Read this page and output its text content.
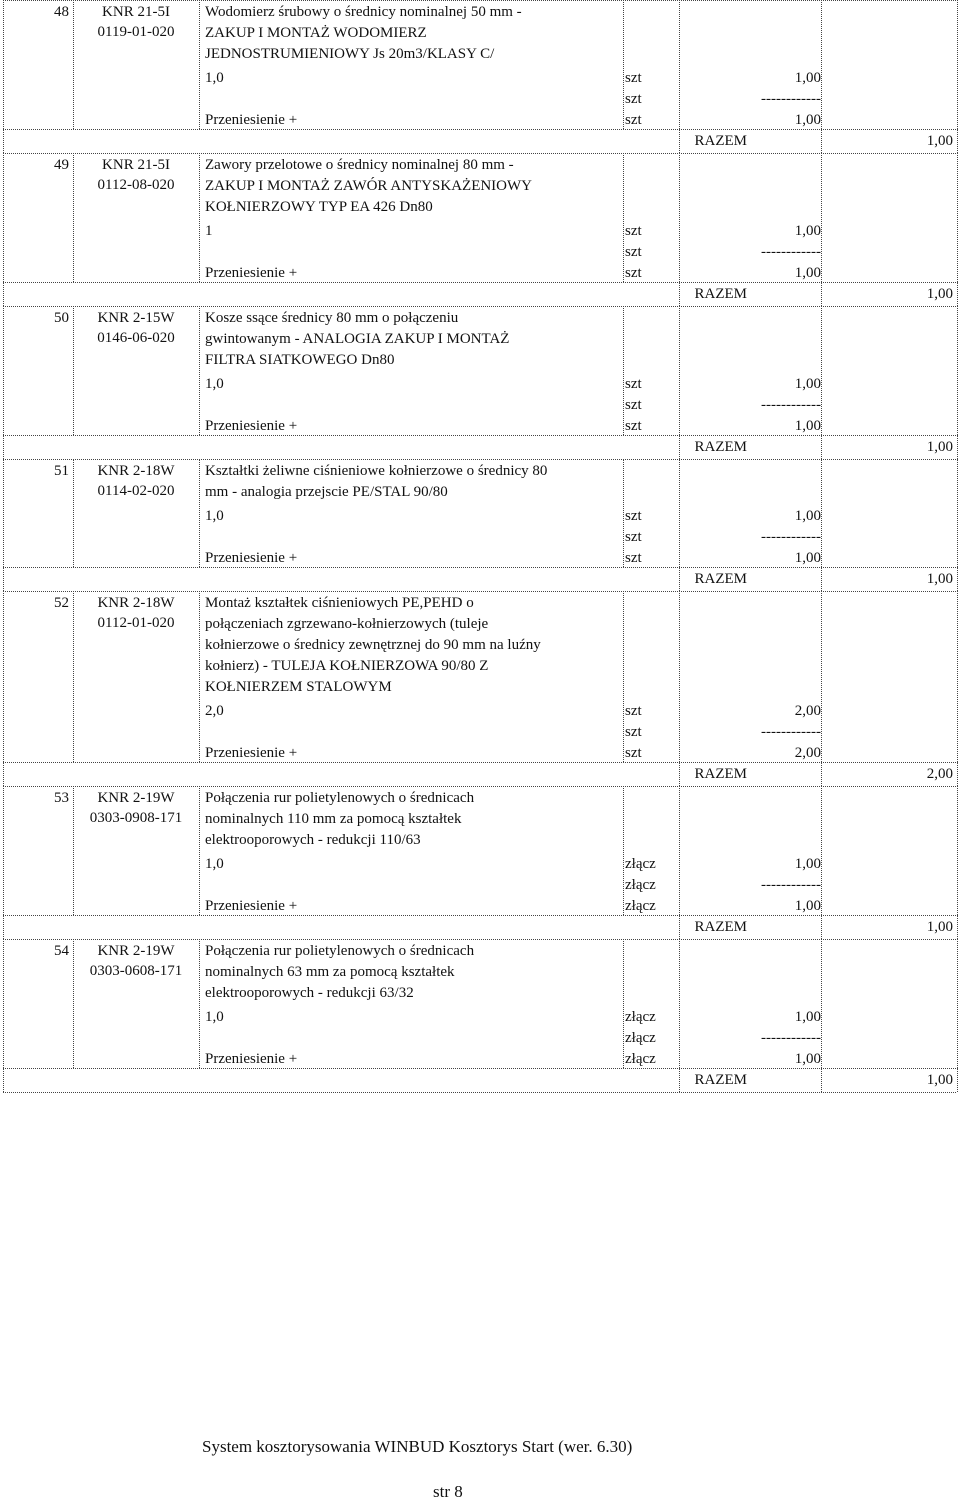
48	KNR 21-5I
0119-01-020
Wodomierz śrubowy o średnicy nominalnej 50 mm -
ZAKUP I MONTAŻ WODOMIERZ
JEDNOSTRUMIENIOWY Js 20m3/KLASY C/
1,0	szt	1,00
szt	------------
Przeniesienie +	szt	1,00
RAZEM	1,00
49	KNR 21-5I
0112-08-020
Zawory przelotowe o średnicy nominalnej 80 mm -
ZAKUP I MONTAŻ ZAWÓR ANTYSKAŻENIOWY
KOŁNIERZOWY TYP EA 426 Dn80
1	szt	1,00
szt	------------
Przeniesienie +	szt	1,00
RAZEM	1,00
50	KNR 2-15W
0146-06-020
Kosze ssące średnicy 80 mm o połączeniu
gwintowanym - ANALOGIA ZAKUP I MONTAŻ
FILTRA SIATKOWEGO Dn80
1,0	szt	1,00
szt	------------
Przeniesienie +	szt	1,00
RAZEM	1,00
51	KNR 2-18W
0114-02-020
Kształtki żeliwne ciśnieniowe kołnierzowe o średnicy 80
mm - analogia przejscie PE/STAL 90/80
1,0	szt	1,00
szt	------------
Przeniesienie +	szt	1,00
RAZEM	1,00
52	KNR 2-18W
0112-01-020
Montaż kształtek ciśnieniowych PE,PEHD o
połączeniach zgrzewano-kołnierzowych (tuleje
kołnierzowe o średnicy zewnętrznej do 90 mm na luźny
kołnierz) - TULEJA KOŁNIERZOWA 90/80 Z
KOŁNIERZEM STALOWYM
2,0	szt	2,00
szt	------------
Przeniesienie +	szt	2,00
RAZEM	2,00
53	KNR 2-19W
0303-0908-171
Połączenia rur polietylenowych o średnicach
nominalnych 110 mm za pomocą kształtek
elektrooporowych - redukcji 110/63
1,0	złącz	1,00
złącz	------------
Przeniesienie +	złącz	1,00
RAZEM	1,00
54	KNR 2-19W
0303-0608-171
Połączenia rur polietylenowych o średnicach
nominalnych 63 mm za pomocą kształtek
elektrooporowych - redukcji 63/32
1,0	złącz	1,00
złącz	------------
Przeniesienie +	złącz	1,00
RAZEM	1,00
System kosztorysowania WINBUD Kosztorys Start (wer. 6.30)
str 8
